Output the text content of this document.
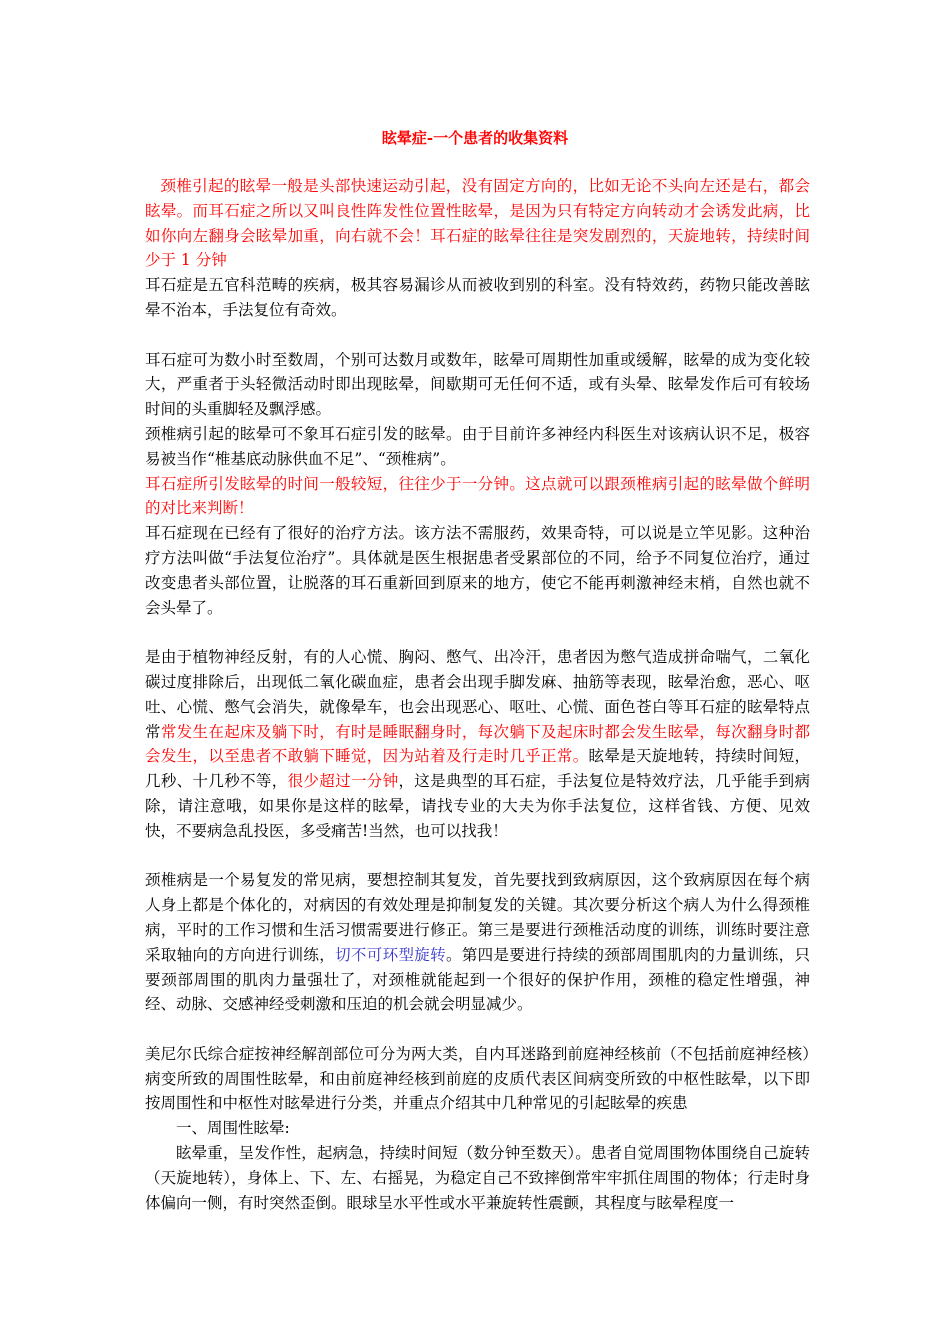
眩晕症-一个患者的收集资料

颈椎引起的眩晕一般是头部快速运动引起，没有固定方向的，比如无论不头向左还是右，都会眩晕。而耳石症之所以又叫良性阵发性位置性眩晕，是因为只有特定方向转动才会诱发此病，比如你向左翻身会眩晕加重，向右就不会！耳石症的眩晕往往是突发剧烈的，天旋地转，持续时间少于 1 分钟

耳石症是五官科范畴的疾病，极其容易漏诊从而被收到别的科室。没有特效药，药物只能改善眩晕不治本，手法复位有奇效。

耳石症可为数小时至数周，个别可达数月或数年，眩晕可周期性加重或缓解，眩晕的成为变化较大，严重者于头轻微活动时即出现眩晕，间歇期可无任何不适，或有头晕、眩晕发作后可有较场时间的头重脚轻及飘浮感。

颈椎病引起的眩晕可不象耳石症引发的眩晕。由于目前许多神经内科医生对该病认识不足，极容易被当作“椎基底动脉供血不足”、“颈椎病”。

耳石症所引发眩晕的时间一般较短，往往少于一分钟。这点就可以跟颈椎病引起的眩晕做个鲜明的对比来判断！

耳石症现在已经有了很好的治疗方法。该方法不需服药，效果奇特，可以说是立竿见影。这种治疗方法叫做“手法复位治疗”。具体就是医生根据患者受累部位的不同，给予不同复位治疗，通过改变患者头部位置，让脱落的耳石重新回到原来的地方，使它不能再刺激神经末梢，自然也就不会头晕了。

是由于植物神经反射，有的人心慌、胸闷、憋气、出冷汗，患者因为憋气造成拼命喘气，二氧化碳过度排除后，出现低二氧化碳血症，患者会出现手脚发麻、抽筋等表现，眩晕治愈，恶心、呕吐、心慌、憋气会消失，就像晕车，也会出现恶心、呕吐、心慌、面色苍白等耳石症的眩晕特点常常发生在起床及躺下时，有时是睡眠翻身时，每次躺下及起床时都会发生眩晕，每次翻身时都会发生，以至患者不敢躺下睡觉，因为站着及行走时几乎正常。眩晕是天旋地转，持续时间短，几秒、十几秒不等，很少超过一分钟，这是典型的耳石症，手法复位是特效疗法，几乎能手到病除，请注意哦，如果你是这样的眩晕，请找专业的大夫为你手法复位，这样省钱、方便、见效快，不要病急乱投医，多受痛苦!当然，也可以找我！

颈椎病是一个易复发的常见病，要想控制其复发，首先要找到致病原因，这个致病原因在每个病人身上都是个体化的，对病因的有效处理是抑制复发的关键。其次要分析这个病人为什么得颈椎病，平时的工作习惯和生活习惯需要进行修正。第三是要进行颈椎活动度的训练，训练时要注意采取轴向的方向进行训练，切不可环型旋转。第四是要进行持续的颈部周围肌肉的力量训练，只要颈部周围的肌肉力量强壮了，对颈椎就能起到一个很好的保护作用，颈椎的稳定性增强，神经、动脉、交感神经受刺激和压迫的机会就会明显减少。

美尼尔氏综合症按神经解剖部位可分为两大类，自内耳迷路到前庭神经核前（不包括前庭神经核）病变所致的周围性眩晕，和由前庭神经核到前庭的皮质代表区间病变所致的中枢性眩晕，以下即按周围性和中枢性对眩晕进行分类，并重点介绍其中几种常见的引起眩晕的疾患

一、周围性眩晕:

眩晕重，呈发作性，起病急，持续时间短（数分钟至数天）。患者自觉周围物体围绕自己旋转（天旋地转），身体上、下、左、右摇晃，为稳定自己不致摔倒常牢牢抓住周围的物体；行走时身体偏向一侧，有时突然歪倒。眼球呈水平性或水平兼旋转性震颤，其程度与眩晕程度一
